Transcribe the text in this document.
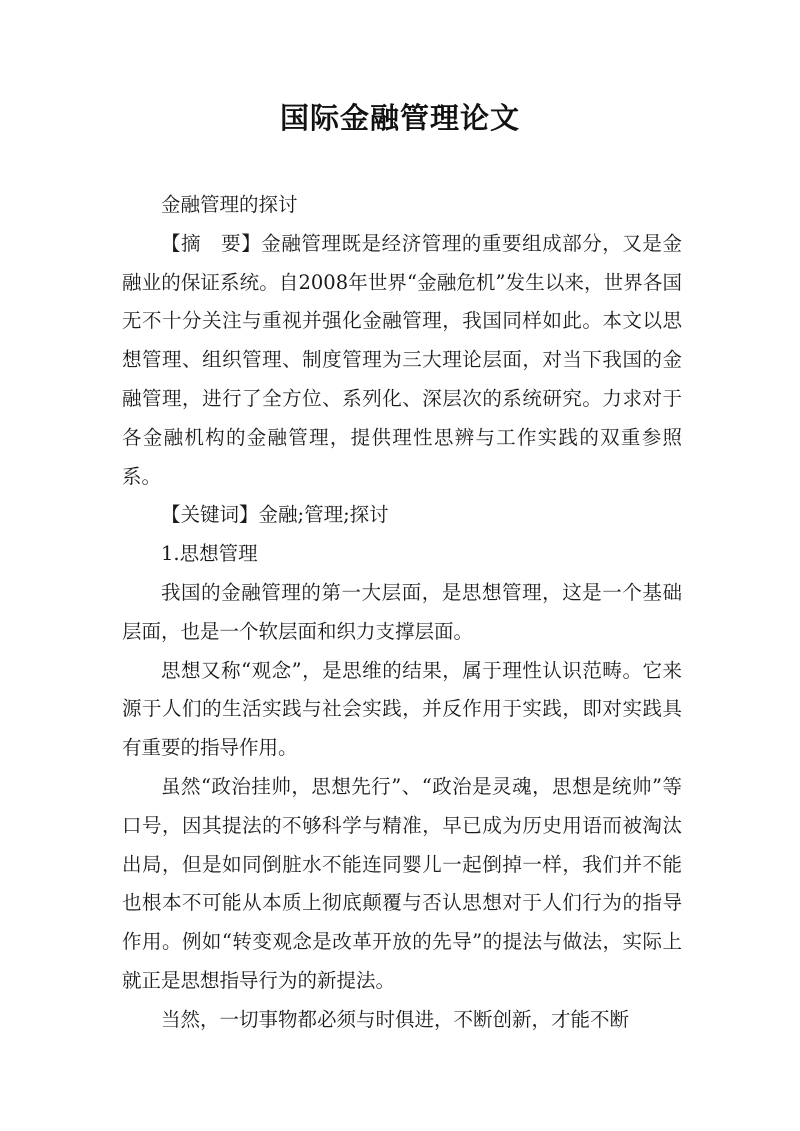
国际金融管理论文

金融管理的探讨

【摘　要】金融管理既是经济管理的重要组成部分，又是金融业的保证系统。自2008年世界“金融危机”发生以来，世界各国无不十分关注与重视并强化金融管理，我国同样如此。本文以思想管理、组织管理、制度管理为三大理论层面，对当下我国的金融管理，进行了全方位、系列化、深层次的系统研究。力求对于各金融机构的金融管理，提供理性思辨与工作实践的双重参照系。

【关键词】金融;管理;探讨

1.思想管理

我国的金融管理的第一大层面，是思想管理，这是一个基础层面，也是一个软层面和织力支撑层面。

思想又称“观念”，是思维的结果，属于理性认识范畴。它来源于人们的生活实践与社会实践，并反作用于实践，即对实践具有重要的指导作用。

虽然“政治挂帅，思想先行”、“政治是灵魂，思想是统帅”等口号，因其提法的不够科学与精准，早已成为历史用语而被淘汰出局，但是如同倒脏水不能连同婴儿一起倒掉一样，我们并不能也根本不可能从本质上彻底颠覆与否认思想对于人们行为的指导作用。例如“转变观念是改革开放的先导”的提法与做法，实际上就正是思想指导行为的新提法。

当然，一切事物都必须与时俱进，不断创新，才能不断
